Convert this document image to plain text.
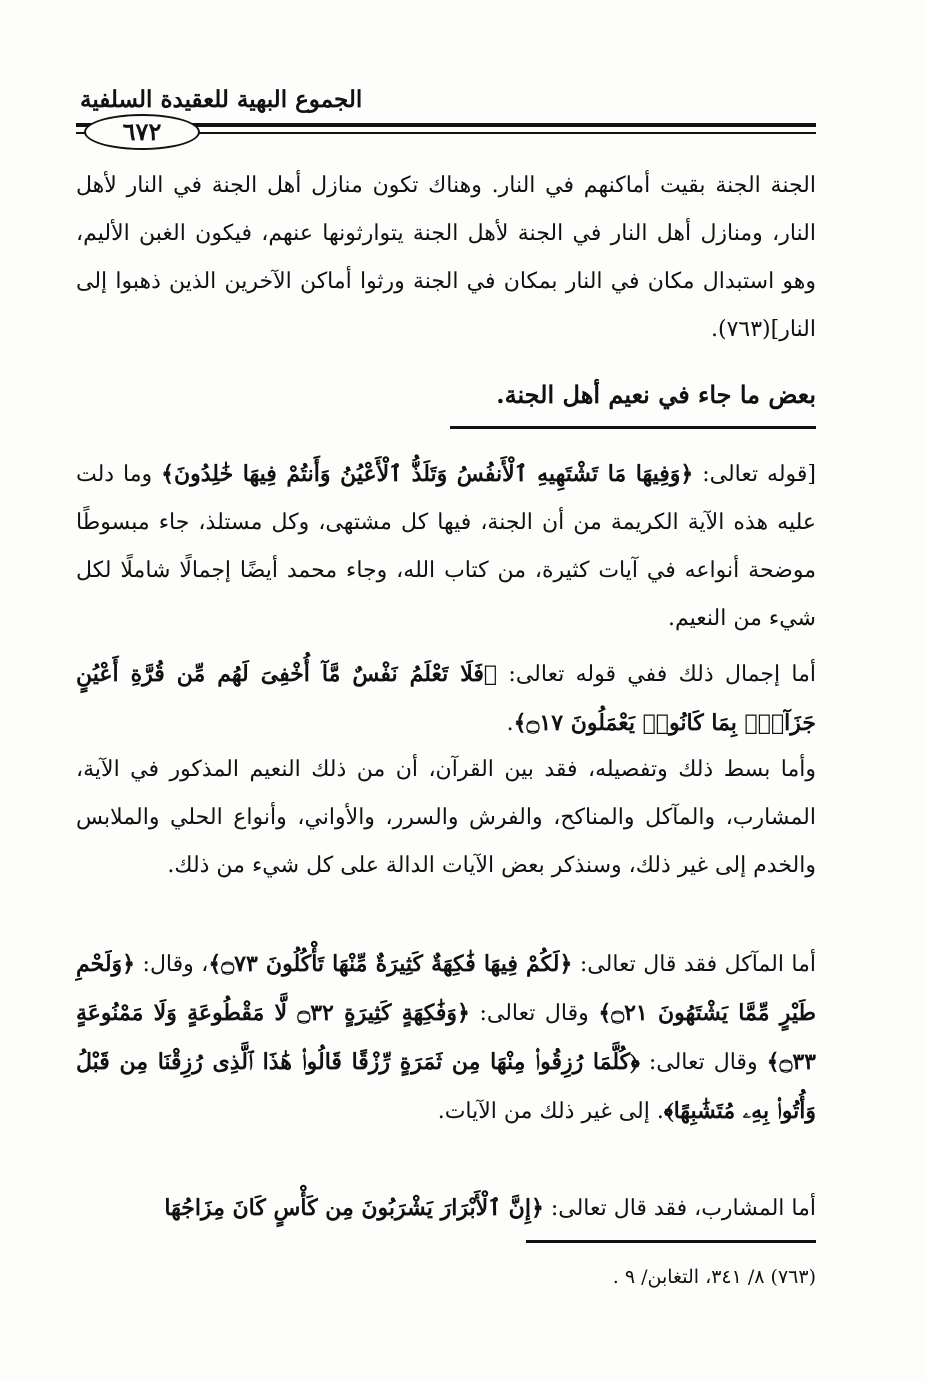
الجموع البهية للعقيدة السلفية
٦٧٢

الجنة الجنة بقيت أماكنهم في النار. وهناك تكون منازل أهل الجنة في النار لأهل النار، ومنازل أهل النار في الجنة لأهل الجنة يتوارثونها عنهم، فيكون الغبن الأليم، وهو استبدال مكان في النار بمكان في الجنة ورثوا أماكن الآخرين الذين ذهبوا إلى النار](٧٦٣).

بعض ما جاء في نعيم أهل الجنة.

[قوله تعالى: ﴿وَفِيهَا مَا تَشْتَهِيهِ ٱلْأَنفُسُ وَتَلَذُّ ٱلْأَعْيُنُ وَأَنتُمْ فِيهَا خَٰلِدُونَ﴾ وما دلت عليه هذه الآية الكريمة من أن الجنة، فيها كل مشتهى، وكل مستلذ، جاء مبسوطًا موضحة أنواعه في آيات كثيرة، من كتاب الله، وجاء محمد أيضًا إجمالًا شاملًا لكل شيء من النعيم.

أما إجمال ذلك ففي قوله تعالى: ﴿فَلَا تَعْلَمُ نَفْسٌ مَّآ أُخْفِىَ لَهُم مِّن قُرَّةِ أَعْيُنٍ جَزَآءًۢ بِمَا كَانُوا۟ يَعْمَلُونَ ۝١٧﴾.

وأما بسط ذلك وتفصيله، فقد بين القرآن، أن من ذلك النعيم المذكور في الآية، المشارب، والمآكل والمناكح، والفرش والسرر، والأواني، وأنواع الحلي والملابس والخدم إلى غير ذلك، وسنذكر بعض الآيات الدالة على كل شيء من ذلك.

أما المآكل فقد قال تعالى: ﴿لَكُمْ فِيهَا فَٰكِهَةٌ كَثِيرَةٌ مِّنْهَا تَأْكُلُونَ ۝٧٣﴾، وقال: ﴿وَلَحْمِ طَيْرٍ مِّمَّا يَشْتَهُونَ ۝٢١﴾ وقال تعالى: ﴿وَفَٰكِهَةٍ كَثِيرَةٍ ۝٣٢ لَّا مَقْطُوعَةٍ وَلَا مَمْنُوعَةٍ ۝٣٣﴾ وقال تعالى: ﴿كُلَّمَا رُزِقُوا۟ مِنْهَا مِن ثَمَرَةٍ رِّزْقًا قَالُوا۟ هَٰذَا ٱلَّذِى رُزِقْنَا مِن قَبْلُ وَأُتُوا۟ بِهِۦ مُتَشَٰبِهًا﴾. إلى غير ذلك من الآيات.

أما المشارب، فقد قال تعالى: ﴿إِنَّ ٱلْأَبْرَارَ يَشْرَبُونَ مِن كَأْسٍ كَانَ مِزَاجُهَا

(٧٦٣) ٨/ ٣٤١، التغابن/ ٩ .
